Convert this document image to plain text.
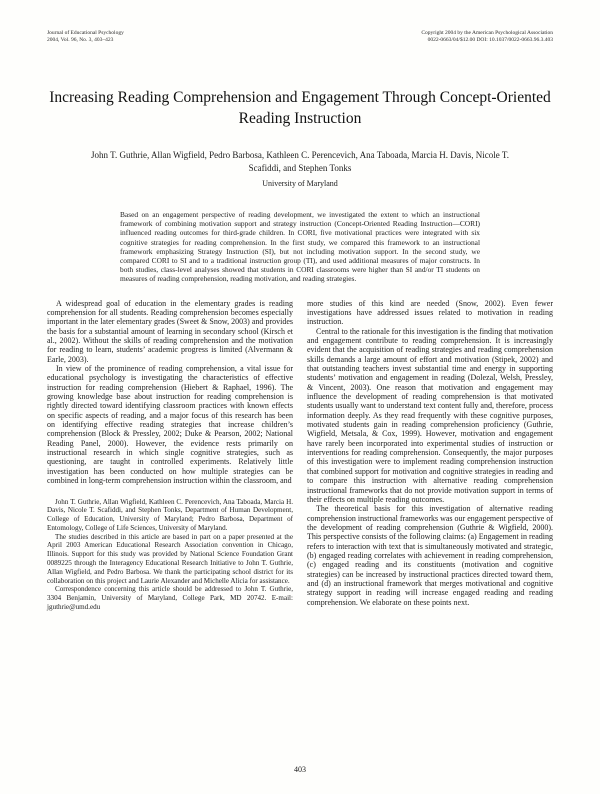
Journal of Educational Psychology
2004, Vol. 96, No. 3, 403–423
Copyright 2004 by the American Psychological Association
0022-0663/04/$12.00 DOI: 10.1037/0022-0663.96.3.403
Increasing Reading Comprehension and Engagement Through Concept-Oriented Reading Instruction
John T. Guthrie, Allan Wigfield, Pedro Barbosa, Kathleen C. Perencevich, Ana Taboada, Marcia H. Davis, Nicole T. Scafiddi, and Stephen Tonks
University of Maryland

Based on an engagement perspective of reading development, we investigated the extent to which an instructional framework of combining motivation support and strategy instruction (Concept-Oriented Reading Instruction—CORI) influenced reading outcomes for third-grade children. In CORI, five motivational practices were integrated with six cognitive strategies for reading comprehension. In the first study, we compared this framework to an instructional framework emphasizing Strategy Instruction (SI), but not including motivation support. In the second study, we compared CORI to SI and to a traditional instruction group (TI), and used additional measures of major constructs. In both studies, class-level analyses showed that students in CORI classrooms were higher than SI and/or TI students on measures of reading comprehension, reading motivation, and reading strategies.

A widespread goal of education in the elementary grades is reading comprehension for all students. Reading comprehension becomes especially important in the later elementary grades (Sweet & Snow, 2003) and provides the basis for a substantial amount of learning in secondary school (Kirsch et al., 2002). Without the skills of reading comprehension and the motivation for reading to learn, students’ academic progress is limited (Alvermann & Earle, 2003).

In view of the prominence of reading comprehension, a vital issue for educational psychology is investigating the characteristics of effective instruction for reading comprehension (Hiebert & Raphael, 1996). The growing knowledge base about instruction for reading comprehension is rightly directed toward identifying classroom practices with known effects on specific aspects of reading, and a major focus of this research has been on identifying effective reading strategies that increase children’s comprehension (Block & Pressley, 2002; Duke & Pearson, 2002; National Reading Panel, 2000). However, the evidence rests primarily on instructional research in which single cognitive strategies, such as questioning, are taught in controlled experiments. Relatively little investigation has been conducted on how multiple strategies can be combined in long-term comprehension instruction within the classroom, and

John T. Guthrie, Allan Wigfield, Kathleen C. Perencevich, Ana Taboada, Marcia H. Davis, Nicole T. Scafiddi, and Stephen Tonks, Department of Human Development, College of Education, University of Maryland; Pedro Barbosa, Department of Entomology, College of Life Sciences, University of Maryland.

The studies described in this article are based in part on a paper presented at the April 2003 American Educational Research Association convention in Chicago, Illinois. Support for this study was provided by National Science Foundation Grant 0089225 through the Interagency Educational Research Initiative to John T. Guthrie, Allan Wigfield, and Pedro Barbosa. We thank the participating school district for its collaboration on this project and Laurie Alexander and Michelle Alicia for assistance.

Correspondence concerning this article should be addressed to John T. Guthrie, 3304 Benjamin, University of Maryland, College Park, MD 20742. E-mail: jguthrie@umd.edu

more studies of this kind are needed (Snow, 2002). Even fewer investigations have addressed issues related to motivation in reading instruction.

Central to the rationale for this investigation is the finding that motivation and engagement contribute to reading comprehension. It is increasingly evident that the acquisition of reading strategies and reading comprehension skills demands a large amount of effort and motivation (Stipek, 2002) and that outstanding teachers invest substantial time and energy in supporting students’ motivation and engagement in reading (Dolezal, Welsh, Pressley, & Vincent, 2003). One reason that motivation and engagement may influence the development of reading comprehension is that motivated students usually want to understand text content fully and, therefore, process information deeply. As they read frequently with these cognitive purposes, motivated students gain in reading comprehension proficiency (Guthrie, Wigfield, Metsala, & Cox, 1999). However, motivation and engagement have rarely been incorporated into experimental studies of instruction or interventions for reading comprehension. Consequently, the major purposes of this investigation were to implement reading comprehension instruction that combined support for motivation and cognitive strategies in reading and to compare this instruction with alternative reading comprehension instructional frameworks that do not provide motivation support in terms of their effects on multiple reading outcomes.

The theoretical basis for this investigation of alternative reading comprehension instructional frameworks was our engagement perspective of the development of reading comprehension (Guthrie & Wigfield, 2000). This perspective consists of the following claims: (a) Engagement in reading refers to interaction with text that is simultaneously motivated and strategic, (b) engaged reading correlates with achievement in reading comprehension, (c) engaged reading and its constituents (motivation and cognitive strategies) can be increased by instructional practices directed toward them, and (d) an instructional framework that merges motivational and cognitive strategy support in reading will increase engaged reading and reading comprehension. We elaborate on these points next.

403
